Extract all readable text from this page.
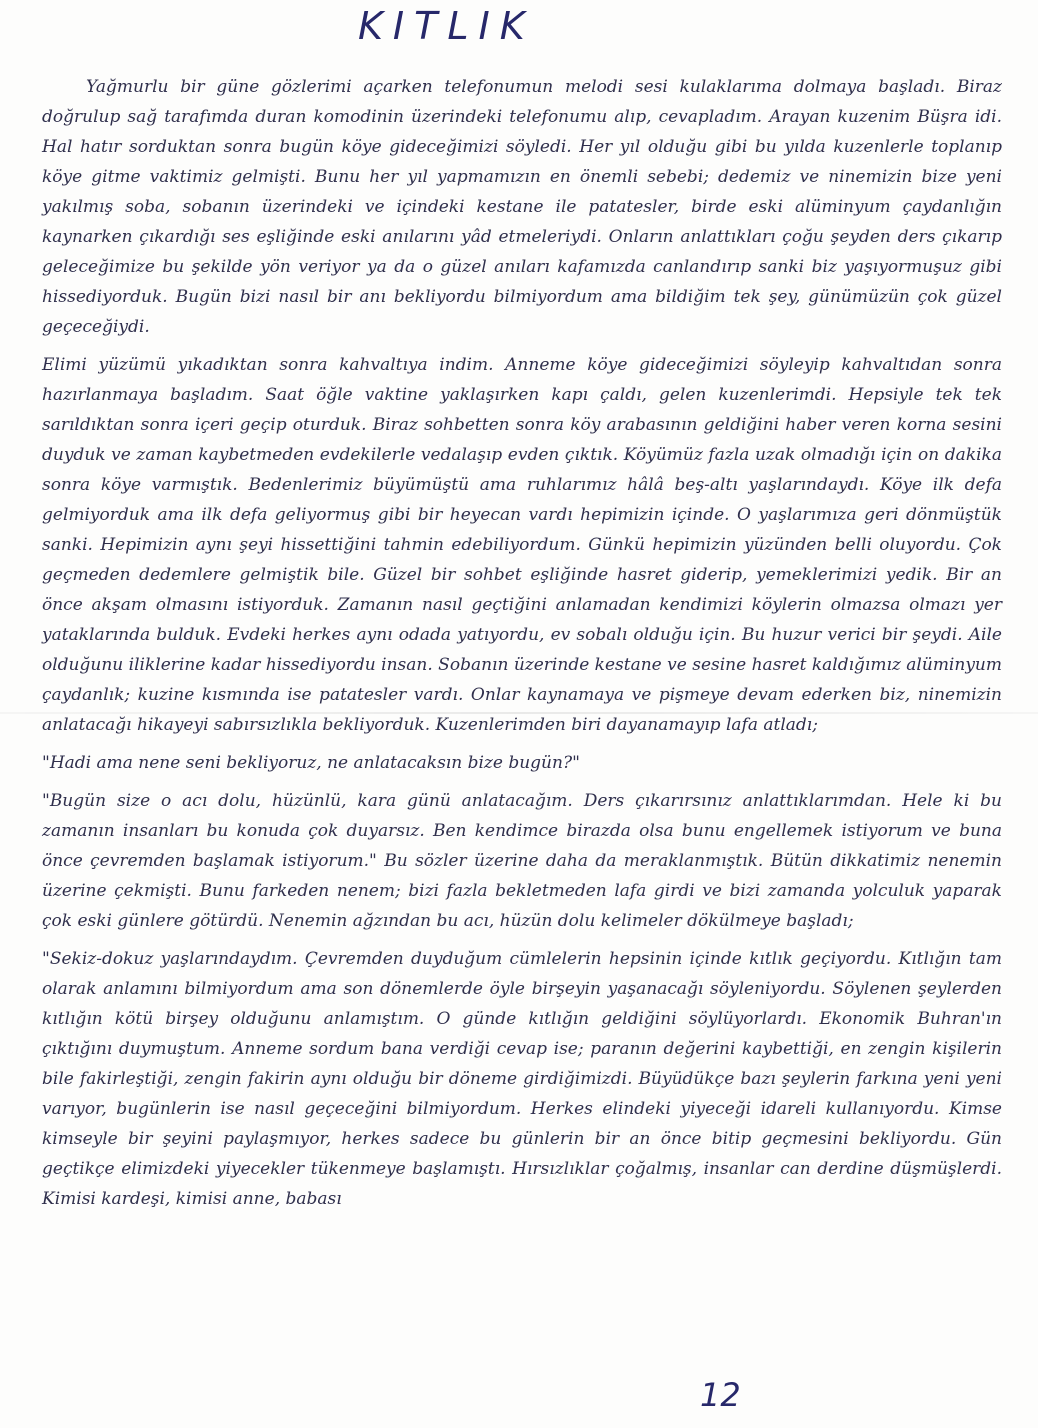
KITLIK

Yağmurlu bir güne gözlerimi açarken telefonumun melodi sesi kulaklarıma dolmaya başladı. Biraz doğrulup sağ tarafımda duran komodinin üzerindeki telefonumu alıp, cevapladım. Arayan kuzenim Büşra idi. Hal hatır sorduktan sonra bugün köye gideceğimizi söyledi. Her yıl olduğu gibi bu yılda kuzenlerle toplanıp köye gitme vaktimiz gelmişti. Bunu her yıl yapmamızın en önemli sebebi; dedemiz ve ninemizin bize yeni yakılmış soba, sobanın üzerindeki ve içindeki kestane ile patatesler, birde eski alüminyum çaydanlığın kaynarken çıkardığı ses eşliğinde eski anılarını yâd etmeleriydi. Onların anlattıkları çoğu şeyden ders çıkarıp geleceğimize bu şekilde yön veriyor ya da o güzel anıları kafamızda canlandırıp sanki biz yaşıyormuşuz gibi hissediyorduk. Bugün bizi nasıl bir anı bekliyordu bilmiyordum ama bildiğim tek şey, günümüzün çok güzel geçeceğiydi.

Elimi yüzümü yıkadıktan sonra kahvaltıya indim. Anneme köye gideceğimizi söyleyip kahvaltıdan sonra hazırlanmaya başladım. Saat öğle vaktine yaklaşırken kapı çaldı, gelen kuzenlerimdi. Hepsiyle tek tek sarıldıktan sonra içeri geçip oturduk. Biraz sohbetten sonra köy arabasının geldiğini haber veren korna sesini duyduk ve zaman kaybetmeden evdekilerle vedalaşıp evden çıktık. Köyümüz fazla uzak olmadığı için on dakika sonra köye varmıştık. Bedenlerimiz büyümüştü ama ruhlarımız hâlâ beş-altı yaşlarındaydı. Köye ilk defa gelmiyorduk ama ilk defa geliyormuş gibi bir heyecan vardı hepimizin içinde. O yaşlarımıza geri dönmüştük sanki. Hepimizin aynı şeyi hissettiğini tahmin edebiliyordum. Günkü hepimizin yüzünden belli oluyordu. Çok geçmeden dedemlere gelmiştik bile. Güzel bir sohbet eşliğinde hasret giderip, yemeklerimizi yedik. Bir an önce akşam olmasını istiyorduk. Zamanın nasıl geçtiğini anlamadan kendimizi köylerin olmazsa olmazı yer yataklarında bulduk. Evdeki herkes aynı odada yatıyordu, ev sobalı olduğu için. Bu huzur verici bir şeydi. Aile olduğunu iliklerine kadar hissediyordu insan. Sobanın üzerinde kestane ve sesine hasret kaldığımız alüminyum çaydanlık; kuzine kısmında ise patatesler vardı. Onlar kaynamaya ve pişmeye devam ederken biz, ninemizin anlatacağı hikayeyi sabırsızlıkla bekliyorduk. Kuzenlerimden biri dayanamayıp lafa atladı;

"Hadi ama nene seni bekliyoruz, ne anlatacaksın bize bugün?"

"Bugün size o acı dolu, hüzünlü, kara günü anlatacağım. Ders çıkarırsınız anlattıklarımdan. Hele ki bu zamanın insanları bu konuda çok duyarsız. Ben kendimce birazda olsa bunu engellemek istiyorum ve buna önce çevremden başlamak istiyorum." Bu sözler üzerine daha da meraklanmıştık. Bütün dikkatimiz nenemin üzerine çekmişti. Bunu farkeden nenem; bizi fazla bekletmeden lafa girdi ve bizi zamanda yolculuk yaparak çok eski günlere götürdü. Nenemin ağzından bu acı, hüzün dolu kelimeler dökülmeye başladı;

"Sekiz-dokuz yaşlarındaydım. Çevremden duyduğum cümlelerin hepsinin içinde kıtlık geçiyordu. Kıtlığın tam olarak anlamını bilmiyordum ama son dönemlerde öyle birşeyin yaşanacağı söyleniyordu. Söylenen şeylerden kıtlığın kötü birşey olduğunu anlamıştım. O günde kıtlığın geldiğini söylüyorlardı. Ekonomik Buhran'ın çıktığını duymuştum. Anneme sordum bana verdiği cevap ise; paranın değerini kaybettiği, en zengin kişilerin bile fakirleştiği, zengin fakirin aynı olduğu bir döneme girdiğimizdi. Büyüdükçe bazı şeylerin farkına yeni yeni varıyor, bugünlerin ise nasıl geçeceğini bilmiyordum. Herkes elindeki yiyeceği idareli kullanıyordu. Kimse kimseyle bir şeyini paylaşmıyor, herkes sadece bu günlerin bir an önce bitip geçmesini bekliyordu. Gün geçtikçe elimizdeki yiyecekler tükenmeye başlamıştı. Hırsızlıklar çoğalmış, insanlar can derdine düşmüşlerdi. Kimisi kardeşi, kimisi anne, babası

12
